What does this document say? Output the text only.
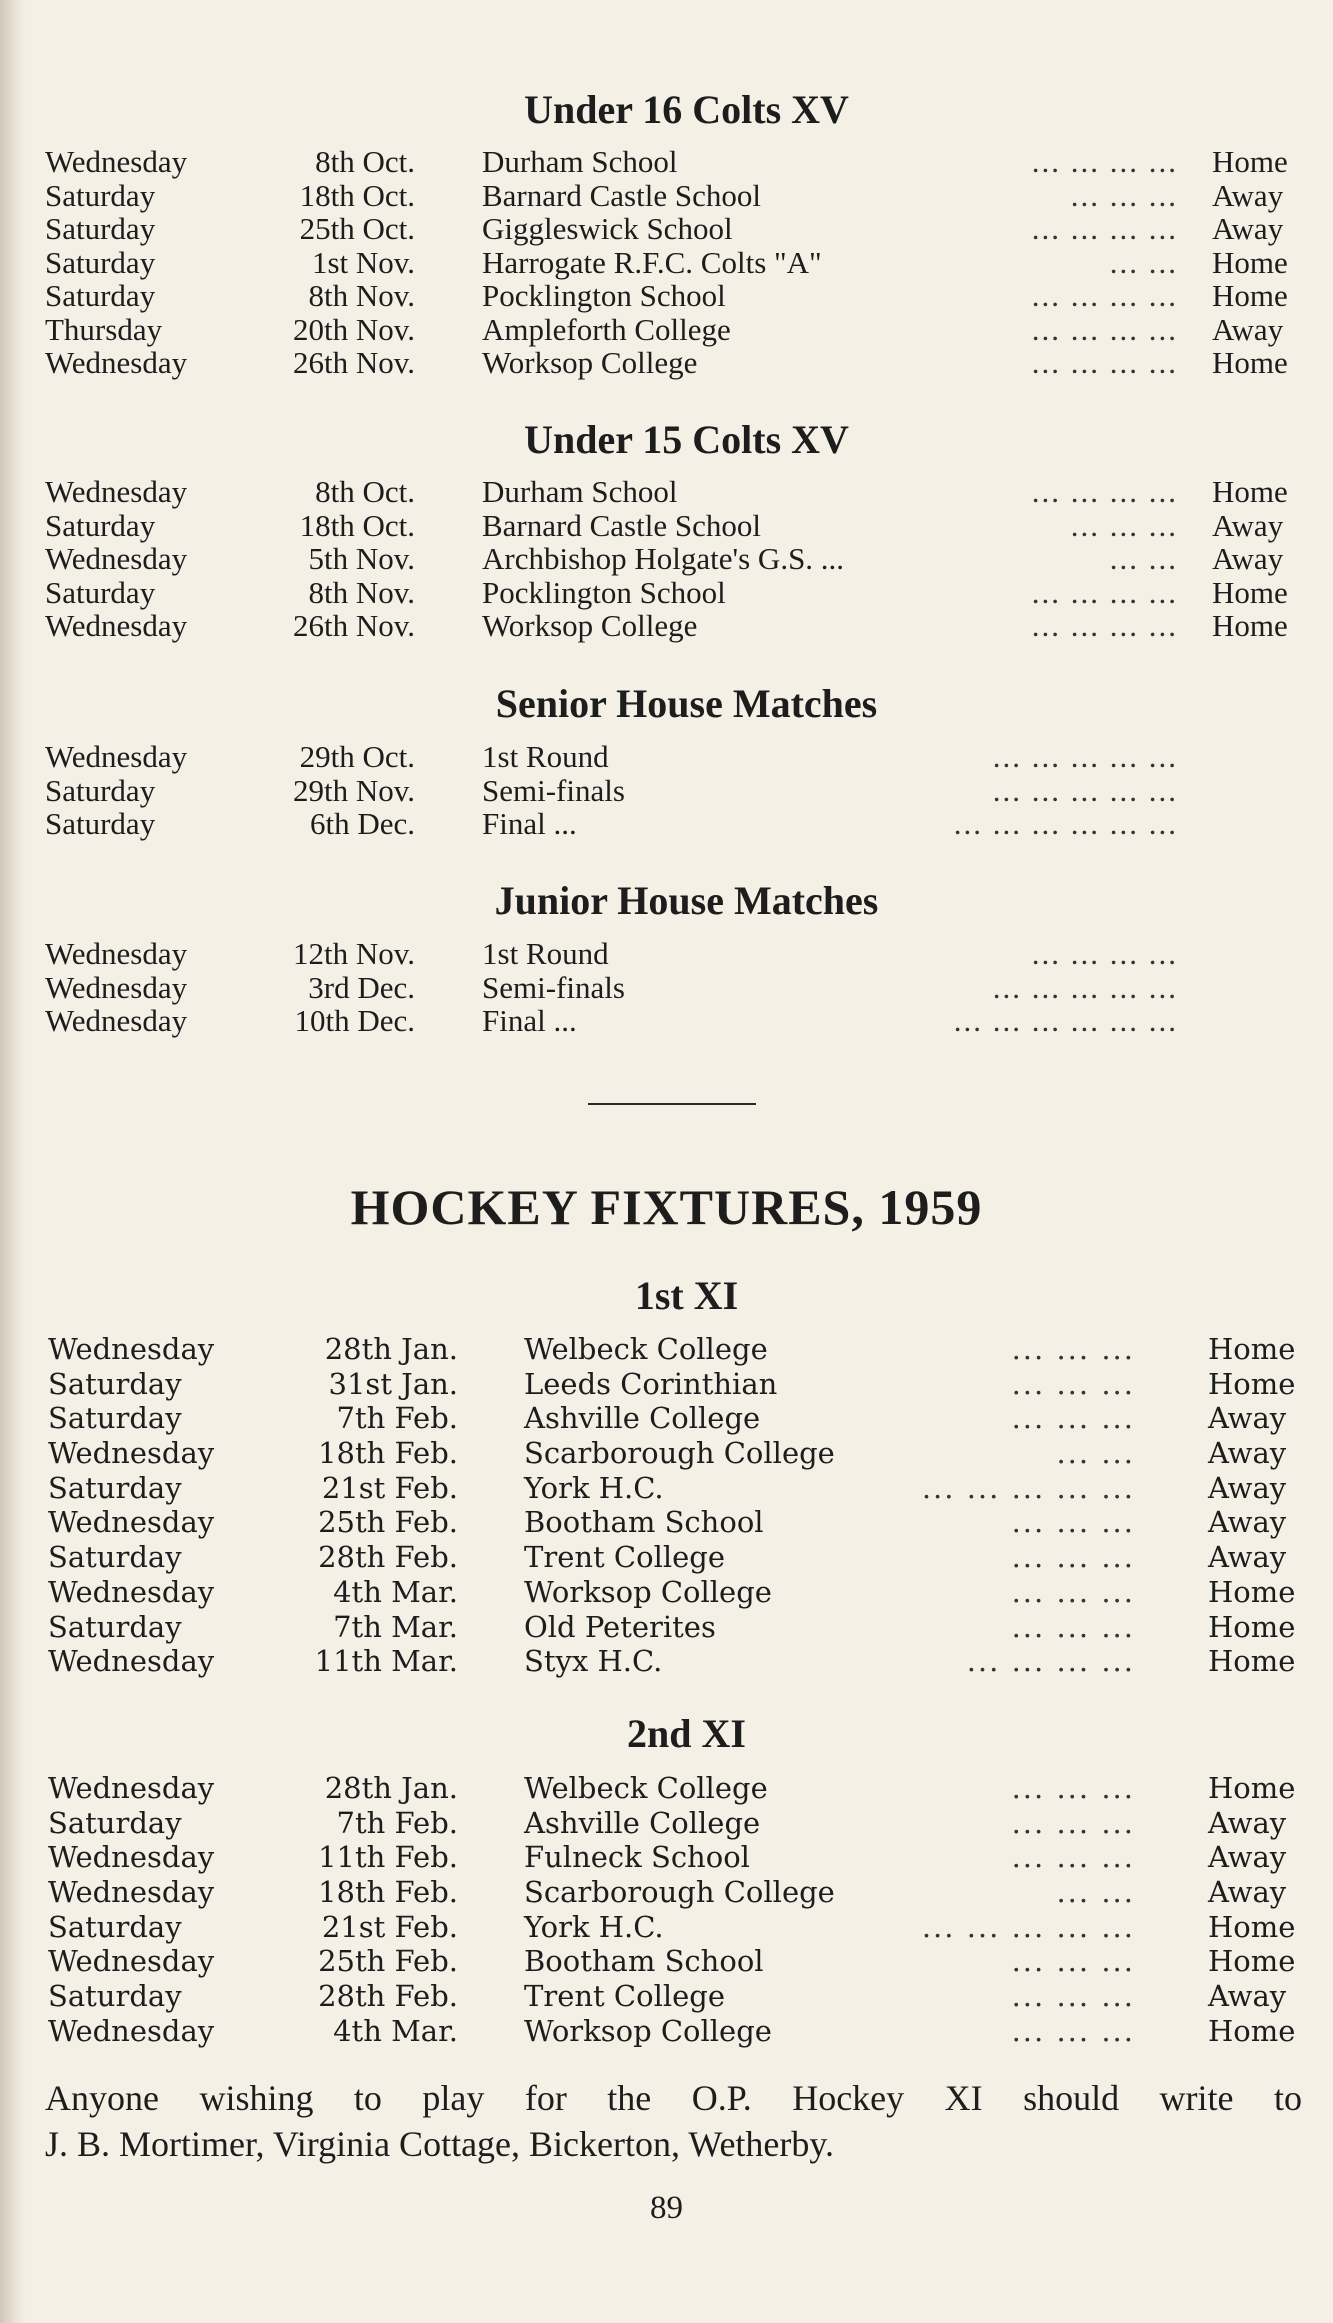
Under 16 Colts XV
Wednesday	8th Oct. Durham School	... ... ... ... Home
Saturday	18th Oct. Barnard Castle School	... ... ... Away
Saturday	25th Oct. Giggleswick School	... ... ... ... Away
Saturday	1st Nov. Harrogate R.F.C. Colts "A"	... ... Home
Saturday	8th Nov. Pocklington School	... ... ... ... Home
Thursday	20th Nov. Ampleforth College	... ... ... ... Away
Wednesday	26th Nov. Worksop College	... ... ... ... Home
Under 15 Colts XV
Wednesday	8th Oct. Durham School	... ... ... ... Home
Saturday	18th Oct. Barnard Castle School	... ... ... Away
Wednesday	5th Nov. Archbishop Holgate's G.S. ...	... ... Away
Saturday	8th Nov. Pocklington School	... ... ... ... Home
Wednesday	26th Nov. Worksop College	... ... ... ... Home
Senior House Matches
Wednesday	29th Oct. 1st Round	... ... ... ... ...
Saturday	29th Nov. Semi-finals	... ... ... ... ...
Saturday	6th Dec. Final ...	... ... ... ... ... ...
Junior House Matches
Wednesday	12th Nov. 1st Round	... ... ... ...
Wednesday	3rd Dec. Semi-finals	... ... ... ... ...
Wednesday	10th Dec. Final ...	... ... ... ... ... ...
HOCKEY FIXTURES, 1959
1st XI
Wednesday	28th Jan. Welbeck College	... ... ...	Home
Saturday	31st Jan. Leeds Corinthian	... ... ...	Home
Saturday	7th Feb. Ashville College	... ... ...	Away
Wednesday	18th Feb. Scarborough College	... ...	Away
Saturday	21st Feb. York H.C.	... ... ... ... ...	Away
Wednesday	25th Feb. Bootham School	... ... ...	Away
Saturday	28th Feb. Trent College	... ... ...	Away
Wednesday	4th Mar. Worksop College	... ... ...	Home
Saturday	7th Mar. Old Peterites	... ... ...	Home
Wednesday	11th Mar. Styx H.C.	... ... ... ...	Home
2nd XI
Wednesday	28th Jan. Welbeck College	... ... ...	Home
Saturday	7th Feb. Ashville College	... ... ...	Away
Wednesday	11th Feb. Fulneck School	... ... ...	Away
Wednesday	18th Feb. Scarborough College	... ...	Away
Saturday	21st Feb. York H.C.	... ... ... ... ...	Home
Wednesday	25th Feb. Bootham School	... ... ...	Home
Saturday	28th Feb. Trent College	... ... ...	Away
Wednesday	4th Mar. Worksop College	... ... ...	Home

Anyone wishing to play for the O.P. Hockey XI should write to

J. B. Mortimer, Virginia Cottage, Bickerton, Wetherby.

89
